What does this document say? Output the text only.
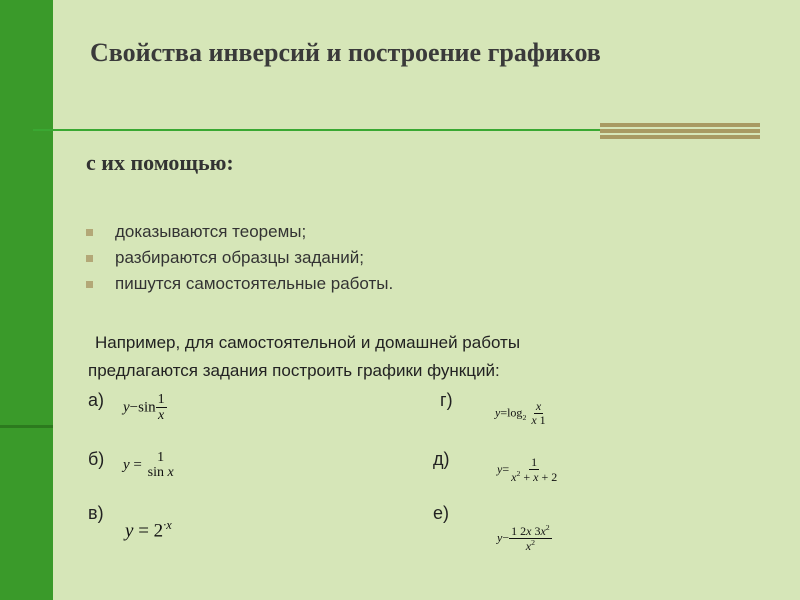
Свойства инверсий и построение графиков
с их помощью:
доказываются теоремы;
разбираются образцы заданий;
пишутся самостоятельные работы.
Например, для самостоятельной и домашней работы
предлагаются задания построить графики функций:
а)
б)
в)
г)
д)
е)
$y-\sin \frac{1}{x}$
y = 1
sin x
$y = 2^{\cdot x}$
$y=\log_2 \frac{x}{x 1}$
$y= \frac{1}{x^2 + x + 2}$
$y- \frac{1 2x 3x^2}{x^2}$
